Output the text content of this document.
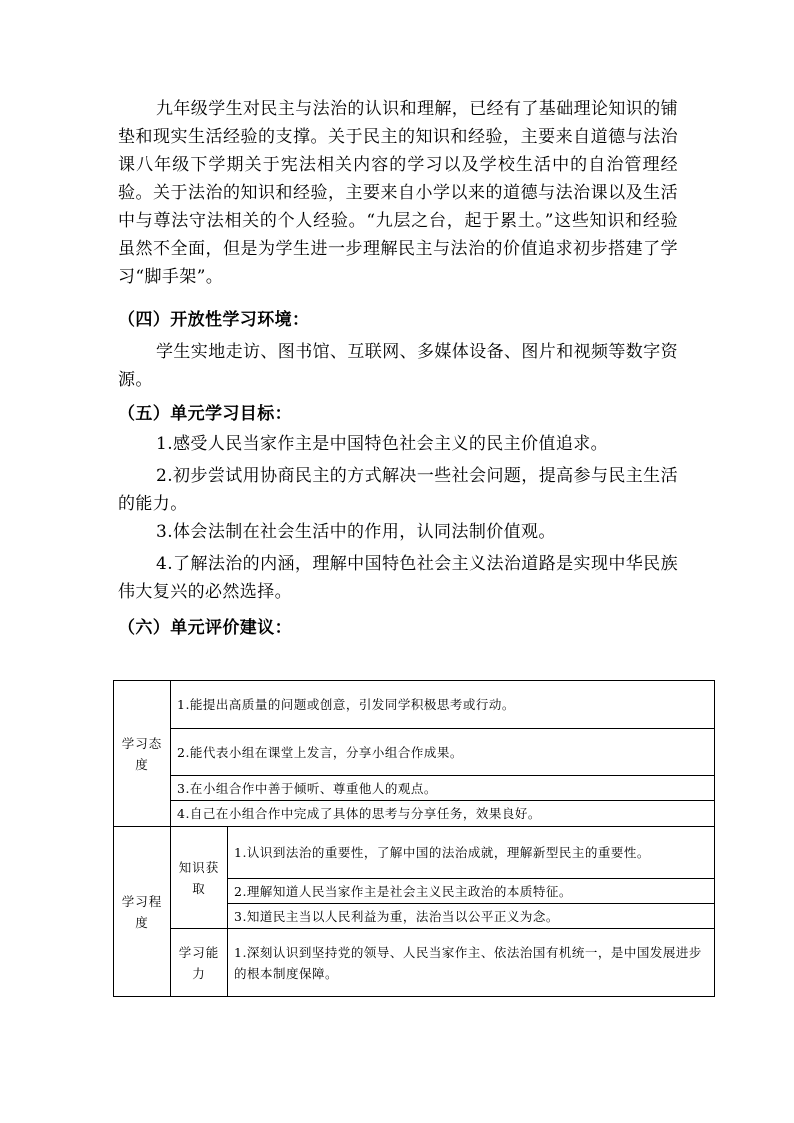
九年级学生对民主与法治的认识和理解，已经有了基础理论知识的铺垫和现实生活经验的支撑。关于民主的知识和经验，主要来自道德与法治课八年级下学期关于宪法相关内容的学习以及学校生活中的自治管理经验。关于法治的知识和经验，主要来自小学以来的道德与法治课以及生活中与尊法守法相关的个人经验。“九层之台，起于累土。”这些知识和经验虽然不全面，但是为学生进一步理解民主与法治的价值追求初步搭建了学习“脚手架”。

（四）开放性学习环境：

学生实地走访、图书馆、互联网、多媒体设备、图片和视频等数字资源。

（五）单元学习目标：

1.感受人民当家作主是中国特色社会主义的民主价值追求。

2.初步尝试用协商民主的方式解决一些社会问题，提高参与民主生活的能力。

3.体会法制在社会生活中的作用，认同法制价值观。

4.了解法治的内涵，理解中国特色社会主义法治道路是实现中华民族伟大复兴的必然选择。

（六）单元评价建议：

学习态度	1.能提出高质量的问题或创意，引发同学积极思考或行动。	
	2.能代表小组在课堂上发言，分享小组合作成果。	
	3.在小组合作中善于倾听、尊重他人的观点。	
	4.自己在小组合作中完成了具体的思考与分享任务，效果良好。	
学习程度	知识获取	1.认识到法治的重要性，了解中国的法治成就，理解新型民主的重要性。
		2.理解知道人民当家作主是社会主义民主政治的本质特征。
		3.知道民主当以人民利益为重，法治当以公平正义为念。
	学习能力	1.深刻认识到坚持党的领导、人民当家作主、依法治国有机统一，是中国发展进步的根本制度保障。
